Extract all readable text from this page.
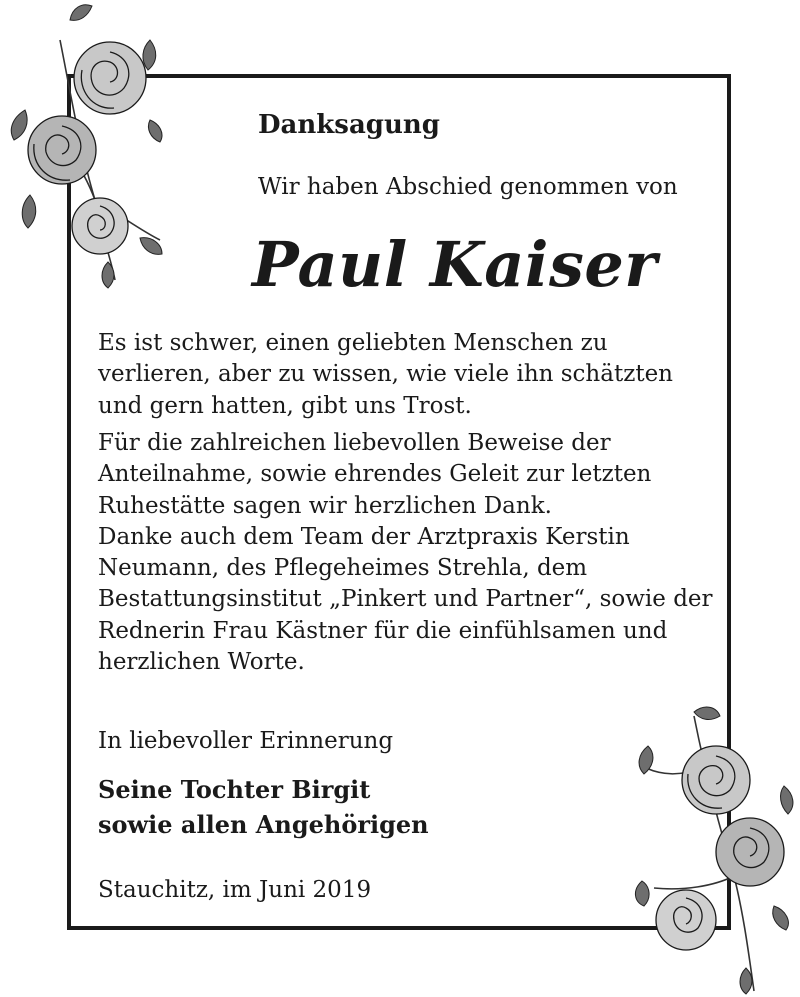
Danksagung

Wir haben Abschied genommen von

Paul Kaiser

Es ist schwer, einen geliebten Menschen zu
verlieren, aber zu wissen, wie viele ihn schätzten
und gern hatten, gibt uns Trost.

Für die zahlreichen liebevollen Beweise der
Anteilnahme, sowie ehrendes Geleit zur letzten
Ruhestätte sagen wir herzlichen Dank.
Danke auch dem Team der Arztpraxis Kerstin
Neumann, des Pflegeheimes Strehla, dem
Bestattungsinstitut „Pinkert und Partner“, sowie der
Rednerin Frau Kästner für die einfühlsamen und
herzlichen Worte.

In liebevoller Erinnerung

Seine Tochter Birgit
sowie allen Angehörigen

Stauchitz, im Juni 2019
